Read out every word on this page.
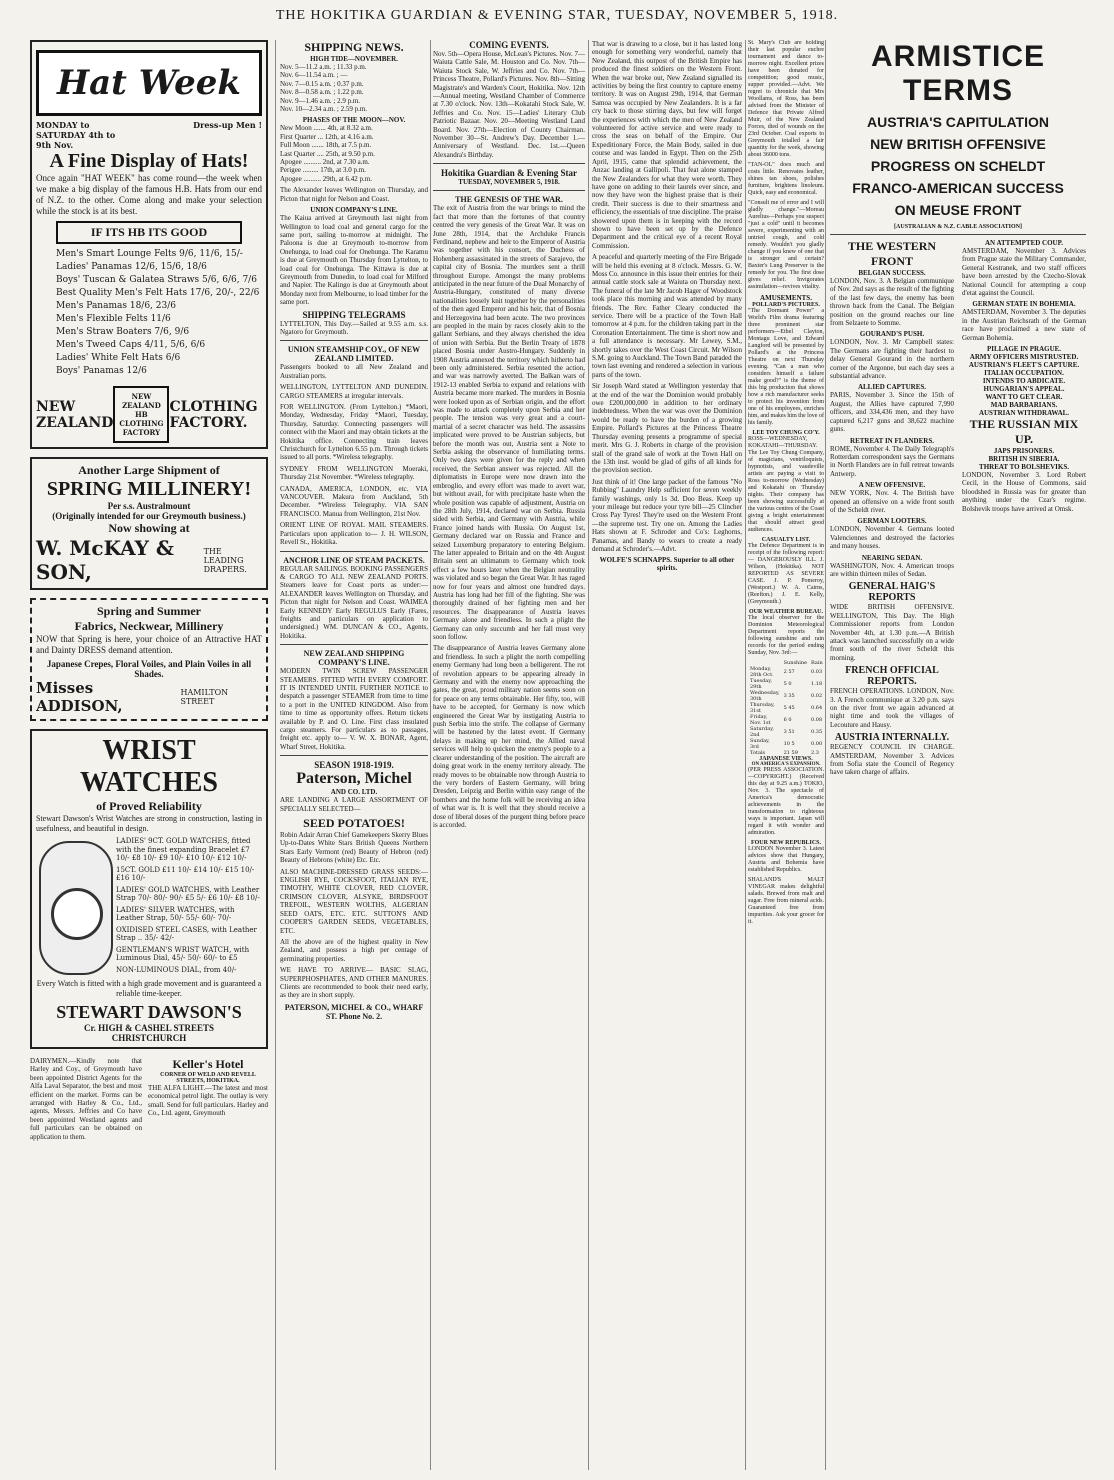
THE HOKITIKA GUARDIAN & EVENING STAR, TUESDAY, NOVEMBER 5, 1918.
Hat Week
MONDAY to SATURDAY 4th to 9th Nov.
Dress-up Men !
A Fine Display of Hats!
Once again "HAT WEEK" has come round—the week when we make a big display of the famous H.B. Hats from our end of N.Z. to the other. Come along and make your selection while the stock is at its best.
IF ITS HB ITS GOOD
Men's Smart Lounge Felts 9/6, 11/6, 15/-
Ladies' Panamas 12/6, 15/6, 18/6
Boys' Tuscan & Galatea Straws 5/6, 6/6, 7/6
Best Quality Men's Felt Hats 17/6, 20/-, 22/6
Men's Panamas 18/6, 23/6
Men's Flexible Felts 11/6
Men's Straw Boaters 7/6, 9/6
Men's Tweed Caps 4/11, 5/6, 6/6
Ladies' White Felt Hats 6/6
Boys' Panamas 12/6
NEW ZEALAND
NEW ZEALAND HB CLOTHING FACTORY
CLOTHING FACTORY.
Another Large Shipment of
SPRING MILLINERY!
Per s.s. Australmount
(Originally intended for our Greymouth business.)
Now showing at
W. McKAY & SON,
THE LEADING DRAPERS.
Spring and Summer
Fabrics, Neckwear, Millinery
NOW that Spring is here, your choice of an Attractive HAT and Dainty DRESS demand attention.
Japanese Crepes, Floral Voiles, and Plain Voiles in all Shades.
Misses ADDISON,
HAMILTON STREET
WRIST WATCHES
of Proved Reliability
Stewart Dawson's Wrist Watches are strong in construction, lasting in usefulness, and beautiful in design.
LADIES' 9CT. GOLD WATCHES, fitted with the finest expanding Bracelet £7 10/- £8 10/- £9 10/- £10 10/- £12 10/-
15CT. GOLD £11 10/- £14 10/- £15 10/- £16 10/-
LADIES' GOLD WATCHES, with Leather Strap 70/- 80/- 90/- £5 5/- £6 10/- £8 10/-
LADIES' SILVER WATCHES, with Leather Strap, 50/- 55/- 60/- 70/-
OXIDISED STEEL CASES, with Leather Strap .. 35/- 42/-
GENTLEMAN'S WRIST WATCH, with Luminous Dial, 45/- 50/- 60/- to £5
NON-LUMINOUS DIAL, from 40/-
Every Watch is fitted with a high grade movement and is guaranteed a reliable time-keeper.
STEWART DAWSON'S
Cr. HIGH & CASHEL STREETS
CHRISTCHURCH
DAIRYMEN.—Kindly note that Harley and Coy., of Greymouth have been appointed District Agents for the Alfa Laval Separator, the best and most efficient on the market. Forms can be arranged with Harley & Co., Ltd., agents, Messrs. Jeffries and Co have been appointed Westland agents and full particulars can be obtained on application to them.
Keller's Hotel
CORNER OF WELD AND REVELL STREETS, HOKITIKA.
THE ALFA LIGHT.—The latest and most economical petrol light. The outlay is very small. Send for full particulars. Harley and Co., Ltd. agent, Greymouth
SHIPPING NEWS.
HIGH TIDE—NOVEMBER.
Nov. 5—11.2 a.m. ; 11.33 p.m.
Nov. 6—11.54 a.m. ; —
Nov. 7—0.15 a.m. ; 0.37 p.m.
Nov. 8—0.58 a.m. ; 1.22 p.m.
Nov. 9—1.46 a.m. ; 2.9 p.m.
Nov. 10—2.34 a.m. ; 2.59 p.m.
PHASES OF THE MOON—NOV.
New Moon ....... 4th, at 8.32 a.m.
First Quarter ... 12th, at 4.16 a.m.
Full Moon ....... 18th, at 7.5 p.m.
Last Quarter .... 25th, at 9.50 p.m.
Apogee .......... 2nd, at 7.30 a.m.
Perigee ......... 17th, at 3.0 p.m.
Apogee .......... 29th, at 6.42 p.m.
The Alexander leaves Wellington on Thursday, and Picton that night for Nelson and Coast.
UNION COMPANY'S LINE.
The Kaiua arrived at Greymouth last night from Wellington to load coal and general cargo for the same port, sailing to-morrow at midnight. The Paloona is due at Greymouth to-morrow from Onehunga, to load coal for Onehunga. The Karamu is due at Greymouth on Thursday from Lyttelton, to load coal for Onehunga. The Kittawa is due at Greymouth from Dunedin, to load coal for Milford and Napier. The Kalingo is due at Greymouth about Monday next from Melbourne, to load timber for the same port.
SHIPPING TELEGRAMS
LYTTELTON, This Day.—Sailed at 9.55 a.m. s.s. Ngatoro for Greymouth.
UNION STEAMSHIP COY., OF NEW ZEALAND LIMITED.
Passengers booked to all New Zealand and Australian ports.
WELLINGTON, LYTTELTON AND DUNEDIN. CARGO STEAMERS at irregular intervals.
FOR WELLINGTON. (From Lyttelton.) *Maori, Monday, Wednesday, Friday *Maori, Tuesday, Thursday, Saturday. Connecting passengers will connect with the Maori and may obtain tickets at the Hokitika office. Connecting train leaves Christchurch for Lyttelton 6.55 p.m. Through tickets issued to all ports. *Wireless telegraphy.
SYDNEY FROM WELLINGTON Moeraki, Thursday 21st November. *Wireless telegraphy.
CANADA, AMERICA, LONDON, etc. VIA VANCOUVER. Makura from Auckland, 5th December. *Wireless Telegraphy. VIA SAN FRANCISCO. Manua from Wellington, 21st Nov.
ORIENT LINE OF ROYAL MAIL STEAMERS. Particulars upon application to— J. H. WILSON, Revell St., Hokitika.
ANCHOR LINE OF STEAM PACKETS.
REGULAR SAILINGS. BOOKING PASSENGERS & CARGO TO ALL NEW ZEALAND PORTS. Steamers leave for Coast ports as under:— ALEXANDER leaves Wellington on Thursday, and Picton that night for Nelson and Coast. WAIMEA Early KENNEDY Early REGULUS Early (Fares, freights and particulars on application to undersigned.) WM. DUNCAN & CO., Agents, Hokitika.
NEW ZEALAND SHIPPING COMPANY'S LINE.
MODERN TWIN SCREW PASSENGER STEAMERS. FITTED WITH EVERY COMFORT. IT IS INTENDED UNTIL FURTHER NOTICE to despatch a passenger STEAMER from time to time to a port in the UNITED KINGDOM. Also from time to time as opportunity offers. Return tickets available by P. and O. Line. First class insulated cargo steamers. For particulars as to passages, freight etc. apply to— V. W. X. BONAR, Agent, Wharf Street, Hokitika.
SEASON 1918-1919.
Paterson, Michel
AND CO. LTD.
ARE LANDING A LARGE ASSORTMENT OF SPECIALLY SELECTED—
SEED POTATOES!
Robin Adair Arran Chief Gamekeepers Skerry Blues Up-to-Dates White Stars British Queens Northern Stars Early Vermont (red) Beauty of Hebron (red) Beauty of Hebrons (white) Etc. Etc.
ALSO MACHINE-DRESSED GRASS SEEDS:— ENGLISH RYE, COCKSFOOT, ITALIAN RYE, TIMOTHY, WHITE CLOVER, RED CLOVER, CRIMSON CLOVER, ALSYKE, BIRDSFOOT TREFOIL, WESTERN WOLTHS, ALGERIAN SEED OATS, ETC. ETC. SUTTON'S AND COOPER'S GARDEN SEEDS, VEGETABLES, ETC.
All the above are of the highest quality in New Zealand, and possess a high per centage of germinating properties.
WE HAVE TO ARRIVE— BASIC SLAG, SUPERPHOSPHATES, AND OTHER MANURES. Clients are recommended to book their need early, as they are in short supply.
PATERSON, MICHEL & CO., WHARF ST. Phone No. 2.
COMING EVENTS.
Nov. 5th—Opera House, McLean's Pictures. Nov. 7—Waiuta Cattle Sale, M. Houston and Co. Nov. 7th—Waiuta Stock Sale, W. Jeffries and Co. Nov. 7th—Princess Theatre, Pollard's Pictures. Nov. 8th—Sitting Magistrate's and Warden's Court, Hokitika. Nov. 12th—Annual meeting, Westland Chamber of Commerce at 7.30 o'clock. Nov. 13th—Kokatahi Stock Sale, W. Jeffries and Co. Nov. 15—Ladies' Literary Club Patriotic Bazaar. Nov. 20—Meeting Westland Land Board. Nov. 27th—Election of County Chairman. November 30—St. Andrew's Day. December 1.—Anniversary of Westland. Dec. 1st.—Queen Alexandra's Birthday.
Hokitika Guardian & Evening Star
TUESDAY, NOVEMBER 5, 1918.
THE GENESIS OF THE WAR.
The exit of Austria from the war brings to mind the fact that more than the fortunes of that country centred the very genesis of the Great War. It was on June 28th, 1914, that the Archduke Francis Ferdinand, nephew and heir to the Emperor of Austria was together with his consort, the Duchess of Hohenberg assassinated in the streets of Sarajevo, the capital city of Bosnia. The murders sent a thrill throughout Europe. Amongst the many problems anticipated in the near future of the Dual Monarchy of Austria-Hungary, constituted of many diverse nationalities loosely knit together by the personalities of the then aged Emperor and his heir, that of Bosnia and Herzegovina had been acute. The two provinces are peopled in the main by races closely akin to the gallant Serbians, and they always cherished the idea of union with Serbia. But the Berlin Treaty of 1878 placed Bosnia under Austro-Hungary. Suddenly in 1908 Austria annexed the territory which hitherto had been only administered. Serbia resented the action, and war was narrowly averted. The Balkan wars of 1912-13 enabled Serbia to expand and relations with Austria became more marked. The murders in Bosnia were looked upon as of Serbian origin, and the effort was made to attack completely upon Serbia and her people. The tension was very great and a court-martial of a secret character was held. The assassins implicated were proved to be Austrian subjects, but before the month was out, Austria sent a Note to Serbia asking the observance of humiliating terms. Only two days were given for the reply and when received, the Serbian answer was rejected. All the diplomatists in Europe were now drawn into the embroglio, and every effort was made to avert war, but without avail, for with precipitate haste when the whole position was capable of adjustment, Austria on the 28th July, 1914, declared war on Serbia. Russia sided with Serbia, and Germany with Austria, while France joined hands with Russia. On August 1st, Germany declared war on Russia and France and seized Luxemburg preparatory to entering Belgium. The latter appealed to Britain and on the 4th August Britain sent an ultimatum to Germany which took effect a few hours later when the Belgian neutrality was violated and so began the Great War. It has raged now for four years and almost one hundred days. Austria has long had her fill of the fighting. She was thoroughly drained of her fighting men and her resources. The disappearance of Austria leaves Germany alone and friendless. In such a plight the Germany can only succumb and her fall must very soon follow.
The disappearance of Austria leaves Germany alone and friendless. In such a plight the north compelling enemy Germany had long been a belligerent. The rot of revolution appears to be appearing already in Germany and with the enemy now approaching the gates, the great, proud military nation seems soon on for peace on any terms obtainable. Her fifty, too, will have to be accepted, for Germany is now which engineered the Great War by instigating Austria to push Serbia into the strife. The collapse of Germany will be hastened by the latest event. If Germany delays in making up her mind, the Allied naval services will help to quicken the enemy's people to a clearer understanding of the position. The aircraft are doing great work in the enemy territory already. The ready moves to be obtainable now through Austria to the very borders of Eastern Germany, will bring Dresden, Leipzig and Berlin within easy range of the bombers and the home folk will be receiving an idea of what war is. It is well that they should receive a dose of liberal doses of the purgent thing before peace is accorded.
That war is drawing to a close, but it has lasted long enough for something very wonderful, namely that New Zealand, this outpost of the British Empire has produced the finest soldiers on the Western Front. When the war broke out, New Zealand signalled its activities by being the first country to capture enemy territory. It was on August 29th, 1914, that German Samoa was occupied by New Zealanders. It is a far cry back to those stirring days, but few will forget the experiences with which the men of New Zealand volunteered for active service and were ready to cross the seas on behalf of the Empire. Our Expeditionary Force, the Main Body, sailed in due course and was landed in Egypt. Then on the 25th April, 1915, came that splendid achievement, the Anzac landing at Gallipoli. That feat alone stamped the New Zealanders for what they were worth. They have gone on adding to their laurels ever since, and now they have won the highest praise that is their credit. Their success is due to their smartness and efficiency, the essentials of true discipline. The praise showered upon them is in keeping with the record shown to have been set up by the Defence Department and the critical eye of a recent Royal Commission.
A peaceful and quarterly meeting of the Fire Brigade will be held this evening at 8 o'clock. Messrs. G. W. Moss Co. announce in this issue their entries for their annual cattle stock sale at Waiuta on Thursday next. The funeral of the late Mr Jacob Hager of Woodstock took place this morning and was attended by many friends. The Rev. Father Cleary conducted the service. There will be a practice of the Town Hall tomorrow at 4 p.m. for the children taking part in the Coronation Entertainment. The time is short now and a full attendance is necessary. Mr Lewey, S.M., shortly takes over the West Coast Circuit. Mr Wilson S.M. going to Auckland. The Town Band paraded the town last evening and rendered a selection in various parts of the town.
Sir Joseph Ward stated at Wellington yesterday that at the end of the war the Dominion would probably owe £200,000,000 in addition to her ordinary indebtedness. When the war was over the Dominion would be ready to have the burden of a growing Empire. Pollard's Pictures at the Princess Theatre Thursday evening presents a programme of special merit. Mrs G. J. Roberts in charge of the provision stall of the grand sale of work at the Town Hall on the 13th inst. would be glad of gifts of all kinds for the provision section.
Just think of it! One large packet of the famous "No Rubbing" Laundry Help sufficient for seven weekly family washings, only 1s 3d. Doo Beas. Keep up your mileage but reduce your tyre bill—25 Clincher Cross Pay Tyres! They're used on the Western Front—the supreme test. Try one on. Among the Ladies Hats shown at F. Schroder and Co's: Leghorns, Panamas, and Bandy to wears to create a ready demand at Schroder's.—Advt.
WOLFE'S SCHNAPPS. Superior to all other spirits.
ARMISTICE TERMS
AUSTRIA'S CAPITULATION
NEW BRITISH OFFENSIVE
PROGRESS ON SCHELDT
FRANCO-AMERICAN SUCCESS
ON MEUSE FRONT
[AUSTRALIAN & N.Z. CABLE ASSOCIATION]
THE WESTERN FRONT
BELGIAN SUCCESS.
LONDON, Nov. 3. A Belgian communique of Nov. 2nd says as the result of the fighting of the last few days, the enemy has been thrown back from the Canal. The Belgian position on the ground reaches our line from Selzaete to Somme.
GOURAND'S PUSH.
LONDON, Nov. 3. Mr Campbell states: The Germans are fighting their hardest to delay General Gourand in the northern corner of the Argonne, but each day sees a substantial advance.
ALLIED CAPTURES.
PARIS, November 3. Since the 15th of August, the Allies have captured 7,990 officers, and 334,436 men, and they have captured 6,217 guns and 38,622 machine guns.
RETREAT IN FLANDERS.
ROME, November 4. The Daily Telegraph's Rotterdam correspondent says the Germans in North Flanders are in full retreat towards Antwerp.
A NEW OFFENSIVE.
NEW YORK, Nov. 4. The British have opened an offensive on a wide front south of the Scheldt river.
GERMAN LOOTERS.
LONDON, November 4. Germans looted Valenciennes and destroyed the factories and many houses.
NEARING SEDAN.
WASHINGTON, Nov. 4. American troops are within thirteen miles of Sedan.
GENERAL HAIG'S REPORTS
WIDE BRITISH OFFENSIVE. WELLINGTON, This Day. The High Commissioner reports from London November 4th, at 1.30 p.m.—A British attack was launched successfully on a wide front south of the river Scheldt this morning.
FRENCH OFFICIAL REPORTS.
FRENCH OPERATIONS. LONDON, Nov. 3. A French communique at 3.20 p.m. says on the river front we again advanced at night time and took the villages of Lecouture and Hausy.
AUSTRIA INTERNALLY.
REGENCY COUNCIL IN CHARGE. AMSTERDAM, November 3. Advices from Sofia state the Council of Regency have taken charge of affairs.
AN ATTEMPTED COUP.
AMSTERDAM, November 3. Advices from Prague state the Military Commander, General Kestranek, and two staff officers have been arrested by the Czecho-Slovak National Council for attempting a coup d'etat against the Council.
GERMAN STATE IN BOHEMIA.
AMSTERDAM, November 3. The deputies in the Austrian Reichsrath of the German race have proclaimed a new state of German Bohemia.
PILLAGE IN PRAGUE.
ARMY OFFICERS MISTRUSTED.
AUSTRIAN'S FLEET'S CAPTURE.
ITALIAN OCCUPATION.
INTENDS TO ABDICATE.
HUNGARIAN'S APPEAL.
WANT TO GET CLEAR.
MAD BARBARIANS.
AUSTRIAN WITHDRAWAL.
THE RUSSIAN MIX UP.
JAPS PRISONERS.
BRITISH IN SIBERIA.
THREAT TO BOLSHEVIKS.
LONDON, November 3. Lord Robert Cecil, in the House of Commons, said bloodshed in Russia was for greater than anything under the Czar's regime. Bolshevik troops have arrived at Omsk.
St. Mary's Club are holding their last popular euchre tournament and dance to-morrow night. Excellent prizes have been donated for competition; good music, supper provided.—Advt. We regret to chronicle that Mrs Woollams, of Ross, has been advised from the Minister of Defence that Private Alfred Muir, of the New Zealand Forces, died of wounds on the 23rd October. Coal exports to Greymouth totalled a fair quantity for the week, showing about 36000 tons.
"TAN-OL" does much and costs little. Renovates leather, shines tan shoes, polishes furniture, brightens linoleum. Quick, easy and economical.
"Consult me of error and I will gladly change."—Moreau Aurelius—Perhaps you suspect "just a cold" until it becomes severe, experimenting with an untried cough, and cold remedy. Wouldn't you gladly change if you knew of one that is stronger and certain? Baxter's Lung Preserver is the remedy for you. The first dose gives relief. Invigorates assimilation—revives vitality.
AMUSEMENTS.
POLLARD'S PICTURES.
"The Dormant Power" a World's Film drama featuring three prominent star performers—Ethel Clayton, Montagu Love, and Edward Langford will be presented by Pollard's at the Princess Theatre on next Thursday evening. "Can a man who considers himself a failure make good?" is the theme of this big production that shows how a rich manufacturer seeks to protect his invention from one of his employees, enriches him, and makes him the love of his family.
LEE TOY CHUNG CO'Y.
ROSS—WEDNESDAY, KOKATAHI—THURSDAY. The Lee Toy Chung Company, of magicians, ventriloquists, hypnotists, and vaudeville artists are paying a visit to Ross to-morrow (Wednesday) and Kokatahi on Thursday nights. Their company has been showing successfully at the various centres of the Coast giving a bright entertainment that should attract good audiences.
CASUALTY LIST.
The Defence Department is in receipt of the following report:— DANGEROUSLY ILL. J. Wilson, (Hokitika). NOT REPORTED AS SEVERE CASE. J. P. Pomeroy, (Westport.) W. A. Cairns, (Reefton.) J. E. Kelly, (Greymouth.)
OUR WEATHER BUREAU.
The local observer for the Dominion Meteorological Department reports the following sunshine and rain records for the period ending Sunday, Nov. 3rd:—
	Sunshine	Rain
Monday, 28th Oct.	2 57	0.03
Tuesday, 29th	5 0	1.18
Wednesday, 30th	3 35	0.02
Thursday, 31st	5 45	0.64
Friday, Nov. 1st	6 0	0.08
Saturday, 2nd	3 51	0.35
Sunday, 3rd	10 5	0.00
Totals	21 59	2.3
JAPANESE VIEWS.
ON AMERICA'S EXPANSION.
(PER PRESS ASSOCIATION.—COPYRIGHT.) (Received this day at 9.25 a.m.) TOKIO, Nov. 3. The spectacle of America's democratic achievements in the transformation to righteous ways is important. Japan will regard it with wonder and admiration.
FOUR NEW REPUBLICS.
LONDON November 3. Latest advices show that Hungary, Austria and Bohemia have established Republics.
SHALAND'S MALT VINEGAR makes delightful salads. Brewed from malt and sugar. Free from mineral acids. Guaranteed free from impurities. Ask your grocer for it.
